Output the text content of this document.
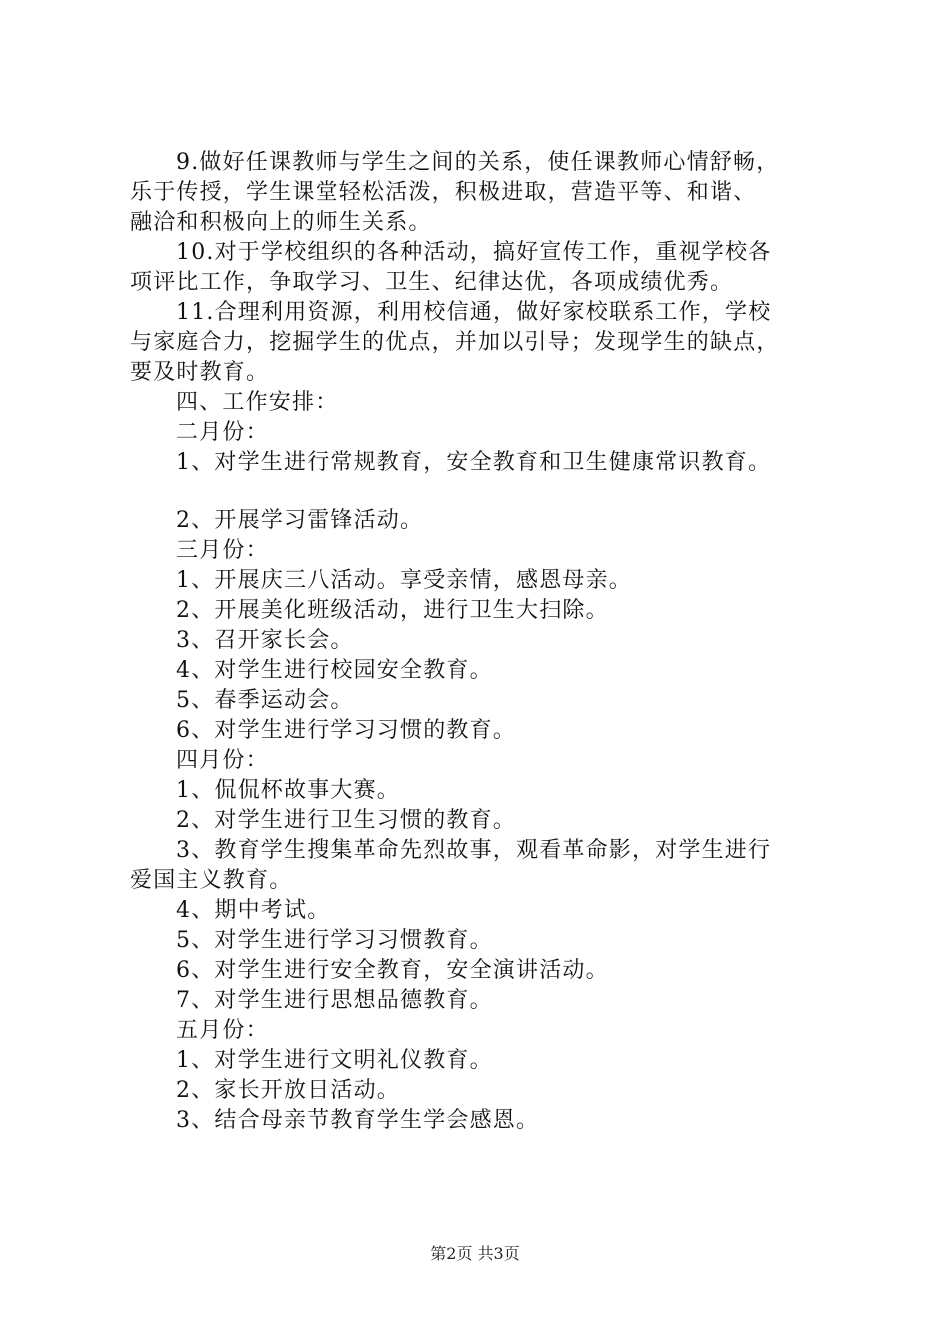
9.做好任课教师与学生之间的关系，使任课教师心情舒畅，
乐于传授，学生课堂轻松活泼，积极进取，营造平等、和谐、
融洽和积极向上的师生关系。
10.对于学校组织的各种活动，搞好宣传工作，重视学校各
项评比工作，争取学习、卫生、纪律达优，各项成绩优秀。
11.合理利用资源，利用校信通，做好家校联系工作，学校
与家庭合力，挖掘学生的优点，并加以引导；发现学生的缺点，
要及时教育。
四、工作安排：
二月份：
1、对学生进行常规教育，安全教育和卫生健康常识教育。
2、开展学习雷锋活动。
三月份：
1、开展庆三八活动。享受亲情，感恩母亲。
2、开展美化班级活动，进行卫生大扫除。
3、召开家长会。
4、对学生进行校园安全教育。
5、春季运动会。
6、对学生进行学习习惯的教育。
四月份：
1、侃侃杯故事大赛。
2、对学生进行卫生习惯的教育。
3、教育学生搜集革命先烈故事，观看革命影，对学生进行
爱国主义教育。
4、期中考试。
5、对学生进行学习习惯教育。
6、对学生进行安全教育，安全演讲活动。
7、对学生进行思想品德教育。
五月份：
1、对学生进行文明礼仪教育。
2、家长开放日活动。
3、结合母亲节教育学生学会感恩。
第2页 共3页
